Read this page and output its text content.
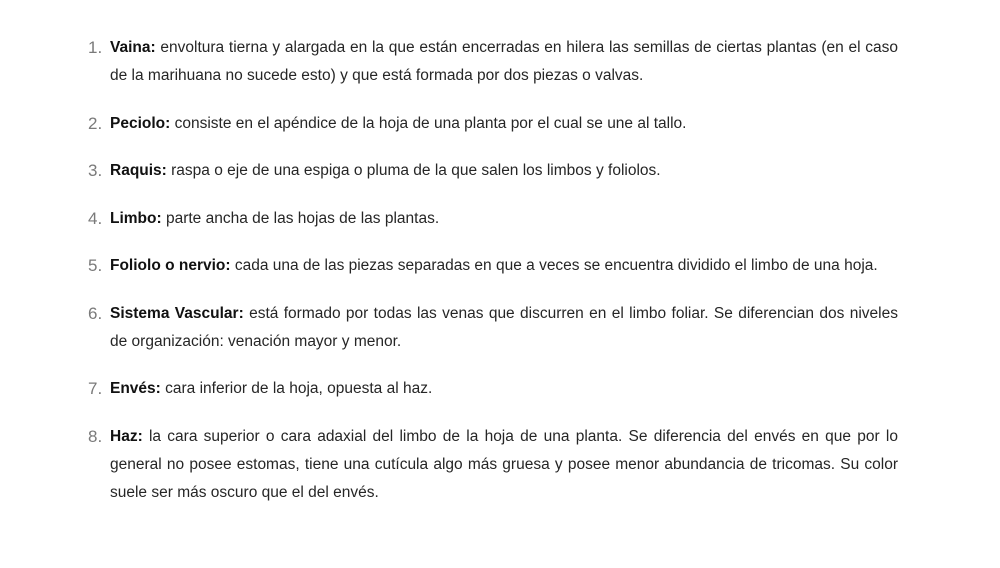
1. Vaina: envoltura tierna y alargada en la que están encerradas en hilera las semillas de ciertas plantas (en el caso de la marihuana no sucede esto) y que está formada por dos piezas o valvas.
2. Peciolo: consiste en el apéndice de la hoja de una planta por el cual se une al tallo.
3. Raquis: raspa o eje de una espiga o pluma de la que salen los limbos y foliolos.
4. Limbo: parte ancha de las hojas de las plantas.
5. Foliolo o nervio: cada una de las piezas separadas en que a veces se encuentra dividido el limbo de una hoja.
6. Sistema Vascular: está formado por todas las venas que discurren en el limbo foliar. Se diferencian dos niveles de organización: venación mayor y menor.
7. Envés: cara inferior de la hoja, opuesta al haz.
8. Haz: la cara superior o cara adaxial del limbo de la hoja de una planta. Se diferencia del envés en que por lo general no posee estomas, tiene una cutícula algo más gruesa y posee menor abundancia de tricomas. Su color suele ser más oscuro que el del envés.
